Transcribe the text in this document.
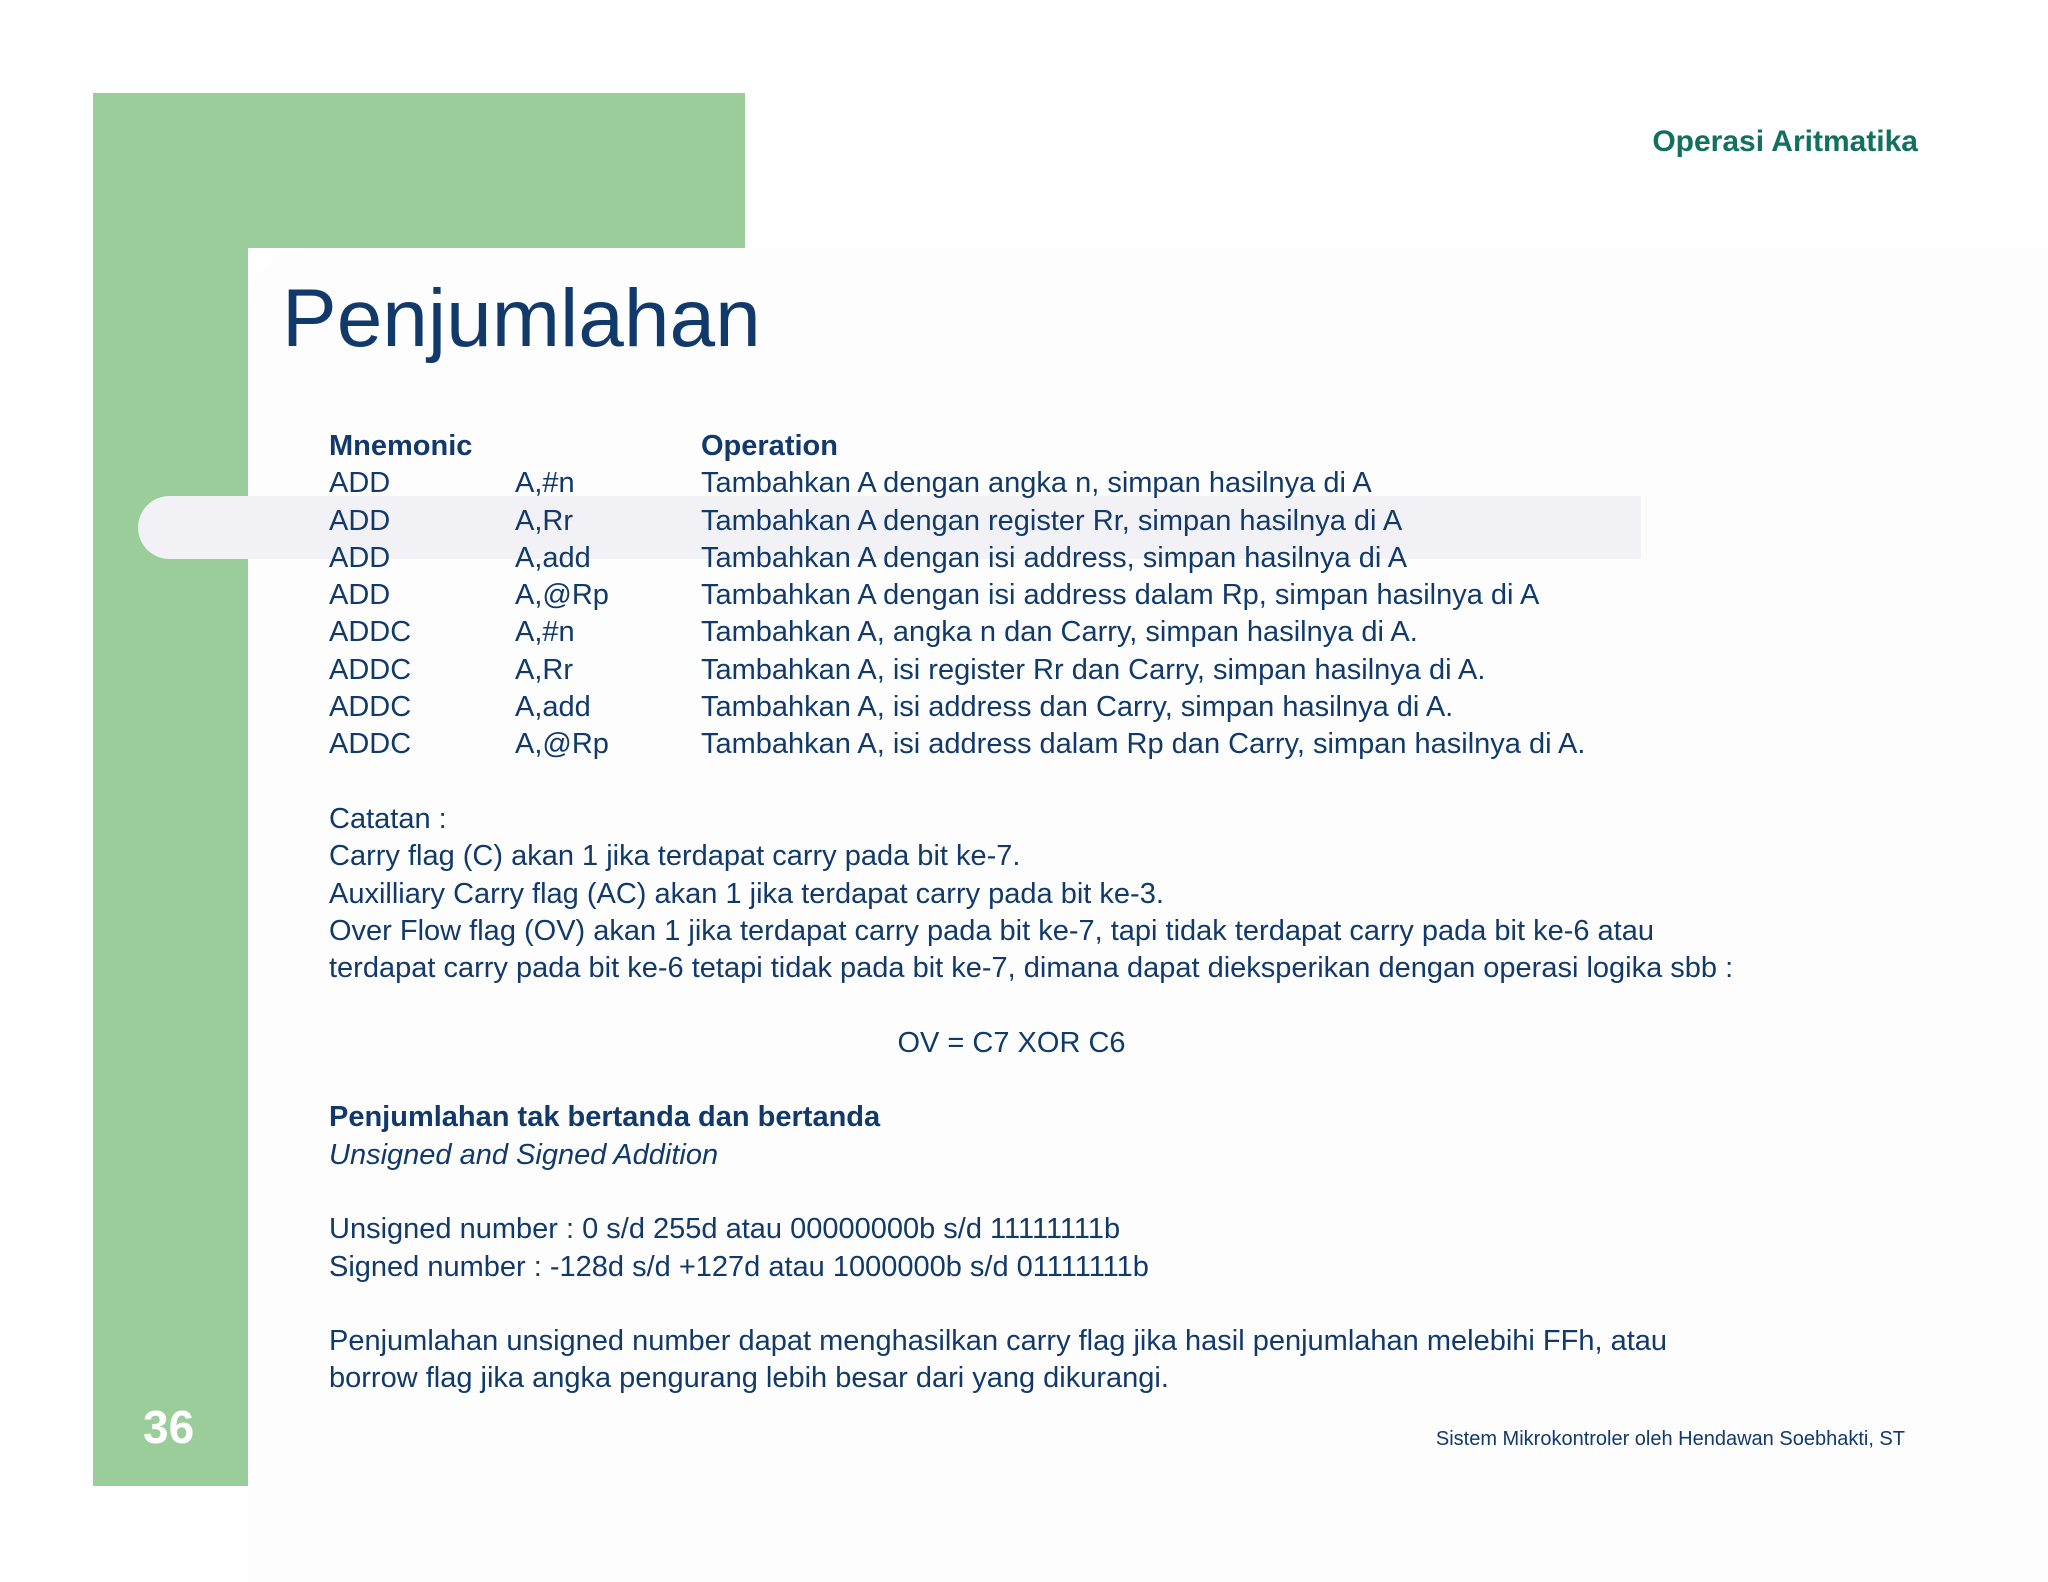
Operasi Aritmatika
Penjumlahan
Mnemonic	Operation
ADD	A,#n	Tambahkan A dengan angka n, simpan hasilnya di A
ADD	A,Rr	Tambahkan A dengan register Rr, simpan hasilnya di A
ADD	A,add	Tambahkan A dengan isi address, simpan hasilnya di A
ADD	A,@Rp	Tambahkan A dengan isi address dalam Rp, simpan hasilnya di A
ADDC	A,#n	Tambahkan A, angka n dan Carry, simpan hasilnya di A.
ADDC	A,Rr	Tambahkan A, isi register Rr dan Carry, simpan hasilnya di A.
ADDC	A,add	Tambahkan A, isi address dan Carry, simpan hasilnya di A.
ADDC	A,@Rp	Tambahkan A, isi address dalam Rp dan Carry, simpan hasilnya di A.
Catatan :
Carry flag (C) akan 1 jika terdapat carry pada bit ke-7.
Auxilliary Carry flag (AC) akan 1 jika terdapat carry pada bit ke-3.
Over Flow flag (OV) akan 1 jika terdapat carry pada bit ke-7, tapi tidak terdapat carry pada bit ke-6 atau
terdapat carry pada bit ke-6 tetapi tidak pada bit ke-7, dimana dapat dieksperikan dengan operasi logika sbb :
OV = C7 XOR C6
Penjumlahan tak bertanda dan bertanda
Unsigned and Signed Addition
Unsigned number : 0 s/d 255d atau 00000000b s/d 11111111b
Signed number : -128d s/d +127d atau 1000000b s/d 01111111b
Penjumlahan unsigned number dapat menghasilkan carry flag jika hasil penjumlahan melebihi FFh, atau
borrow flag jika angka pengurang lebih besar dari yang dikurangi.
36	Sistem Mikrokontroler oleh Hendawan Soebhakti, ST
